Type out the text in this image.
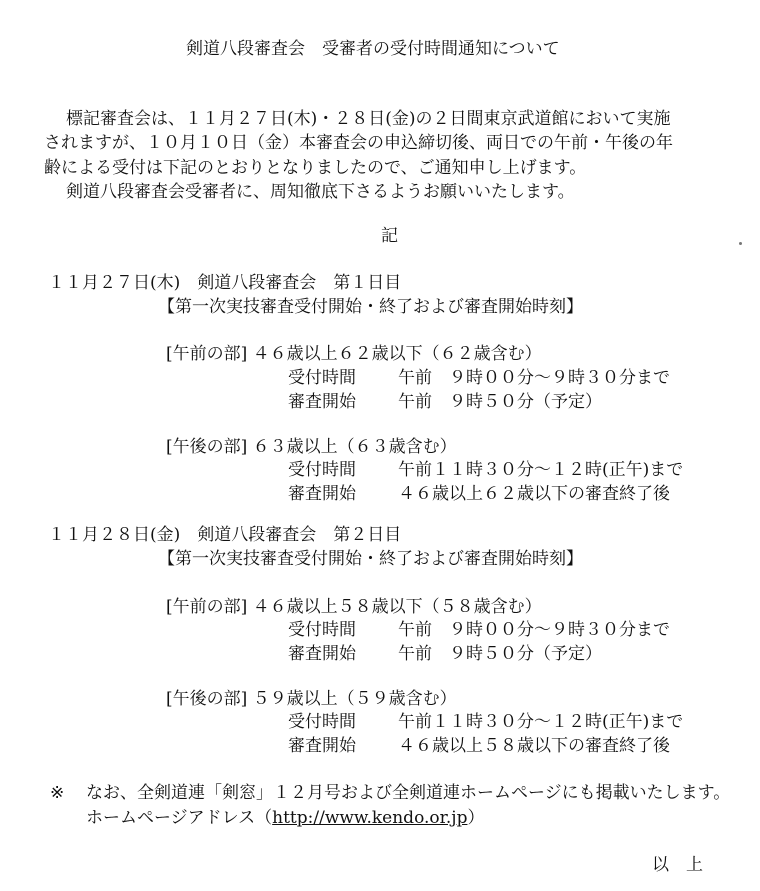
剣道八段審査会　受審者の受付時間通知について
標記審査会は、１１月２７日(木)・２８日(金)の２日間東京武道館において実施
されますが、１０月１０日（金）本審査会の申込締切後、両日での午前・午後の年
齢による受付は下記のとおりとなりましたので、ご通知申し上げます。
剣道八段審査会受審者に、周知徹底下さるようお願いいたします。
記
１１月２７日(木)　剣道八段審査会　第１日目
【第一次実技審査受付開始・終了および審査開始時刻】
[午前の部] ４６歳以上６２歳以下（６２歳含む）
受付時間 午前　９時００分～９時３０分まで
審査開始 午前　９時５０分（予定）
[午後の部] ６３歳以上（６３歳含む）
受付時間 午前１１時３０分～１２時(正午)まで
審査開始 ４６歳以上６２歳以下の審査終了後
１１月２８日(金)　剣道八段審査会　第２日目
【第一次実技審査受付開始・終了および審査開始時刻】
[午前の部] ４６歳以上５８歳以下（５８歳含む）
受付時間 午前　９時００分～９時３０分まで
審査開始 午前　９時５０分（予定）
[午後の部] ５９歳以上（５９歳含む）
受付時間 午前１１時３０分～１２時(正午)まで
審査開始 ４６歳以上５８歳以下の審査終了後
※ なお、全剣道連「剣窓」１２月号および全剣道連ホームページにも掲載いたします。
ホームページアドレス（http://www.kendo.or.jp）
以　上
